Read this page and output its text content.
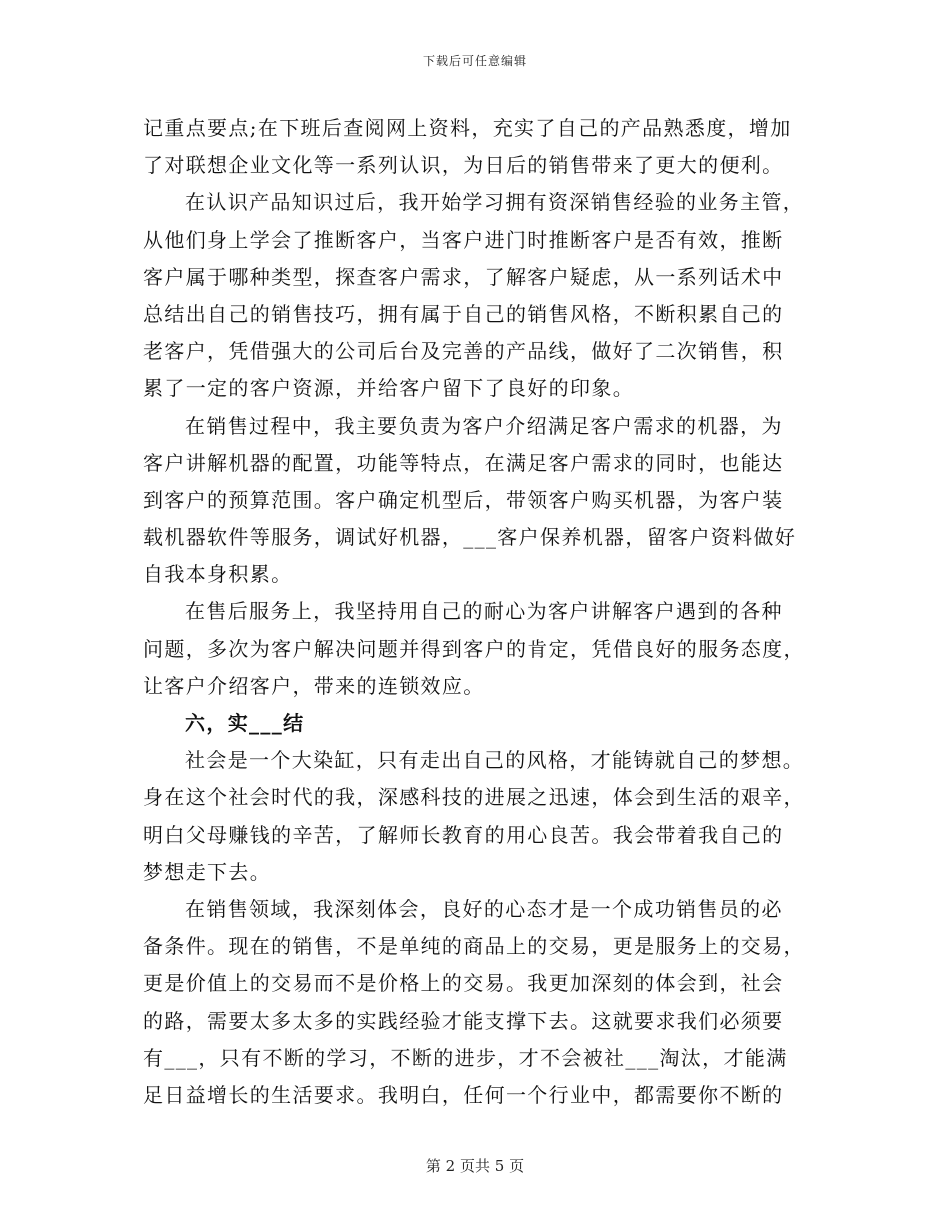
下载后可任意编辑
记重点要点;在下班后查阅网上资料，充实了自己的产品熟悉度，增加
了对联想企业文化等一系列认识，为日后的销售带来了更大的便利。
在认识产品知识过后，我开始学习拥有资深销售经验的业务主管，
从他们身上学会了推断客户，当客户进门时推断客户是否有效，推断
客户属于哪种类型，探查客户需求，了解客户疑虑，从一系列话术中
总结出自己的销售技巧，拥有属于自己的销售风格，不断积累自己的
老客户，凭借强大的公司后台及完善的产品线，做好了二次销售，积
累了一定的客户资源，并给客户留下了良好的印象。
在销售过程中，我主要负责为客户介绍满足客户需求的机器，为
客户讲解机器的配置，功能等特点，在满足客户需求的同时，也能达
到客户的预算范围。客户确定机型后，带领客户购买机器，为客户装
载机器软件等服务，调试好机器，___客户保养机器，留客户资料做好
自我本身积累。
在售后服务上，我坚持用自己的耐心为客户讲解客户遇到的各种
问题，多次为客户解决问题并得到客户的肯定，凭借良好的服务态度，
让客户介绍客户，带来的连锁效应。
六，实___结
社会是一个大染缸，只有走出自己的风格，才能铸就自己的梦想。
身在这个社会时代的我，深感科技的进展之迅速，体会到生活的艰辛，
明白父母赚钱的辛苦，了解师长教育的用心良苦。我会带着我自己的
梦想走下去。
在销售领域，我深刻体会，良好的心态才是一个成功销售员的必
备条件。现在的销售，不是单纯的商品上的交易，更是服务上的交易，
更是价值上的交易而不是价格上的交易。我更加深刻的体会到，社会
的路，需要太多太多的实践经验才能支撑下去。这就要求我们必须要
有___，只有不断的学习，不断的进步，才不会被社___淘汰，才能满
足日益增长的生活要求。我明白，任何一个行业中，都需要你不断的
第 2 页共 5 页
